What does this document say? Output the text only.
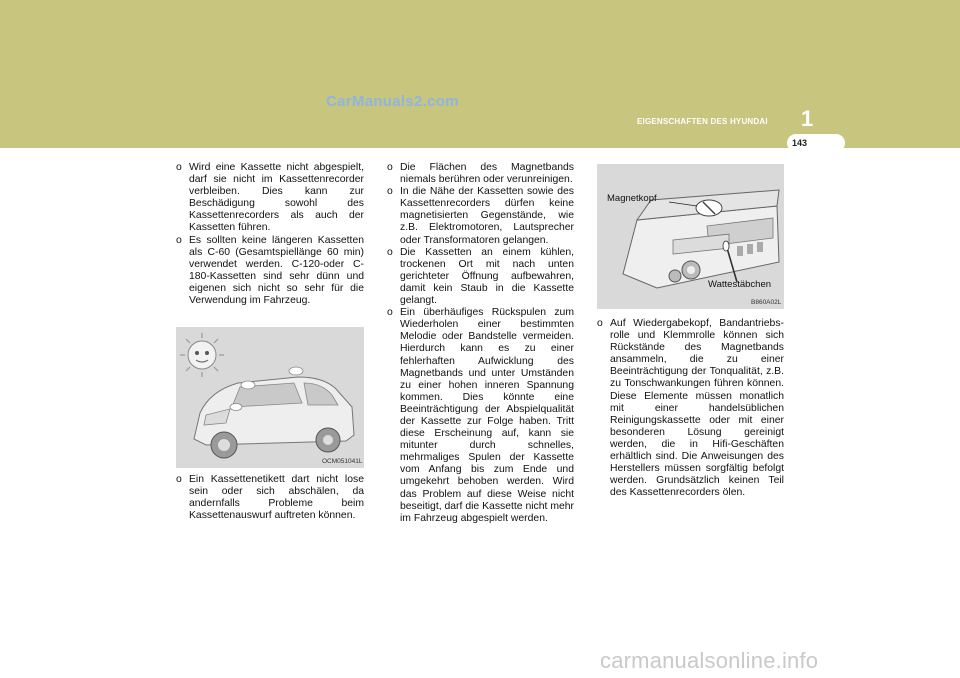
CarManuals2.com
EIGENSCHAFTEN DES HYUNDAI 1
143

o Wird eine Kassette nicht abgespielt, darf sie nicht im Kassettenrecorder verbleiben. Dies kann zur Beschädigung sowohl des Kassettenrecorders als auch der Kassetten führen.

o Es sollten keine längeren Kassetten als C-60 (Gesamtspiellänge 60 min) verwendet werden. C-120-oder C-180-Kassetten sind sehr dünn und eigenen sich nicht so sehr für die Verwendung im Fahrzeug.

OCM051041L

o Ein Kassettenetikett dart nicht lose sein oder sich abschälen, da andernfalls Probleme beim Kassettenauswurf auftreten können.

o Die Flächen des Magnetbands niemals berühren oder verunreinigen.

o In die Nähe der Kassetten sowie des Kassettenrecorders dürfen keine magnetisierten Gegenstände, wie z.B. Elektromotoren, Lautsprecher oder Transformatoren gelangen.

o Die Kassetten an einem kühlen, trockenen Ort mit nach unten gerichteter Öffnung aufbewahren, damit kein Staub in die Kassette gelangt.

o Ein überhäufiges Rückspulen zum Wiederholen einer bestimmten Melodie oder Bandstelle vermeiden. Hierdurch kann es zu einer fehlerhaften Aufwicklung des Magnetbands und unter Umständen zu einer hohen inneren Spannung kommen. Dies könnte eine Beeinträchtigung der Abspielqualität der Kassette zur Folge haben. Tritt diese Erscheinung auf, kann sie mitunter durch schnelles, mehrmaliges Spulen der Kassette vom Anfang bis zum Ende und umgekehrt behoben werden. Wird das Problem auf diese Weise nicht beseitigt, darf die Kassette nicht mehr im Fahrzeug abgespielt werden.

Magnetkopf
Wattestäbchen
B860A02L

o Auf Wiedergabekopf, Bandantriebs-rolle und Klemmrolle können sich Rückstände des Magnetbands ansammeln, die zu einer Beeinträchtigung der Tonqualität, z.B. zu Tonschwankungen führen können. Diese Elemente müssen monatlich mit einer handelsüblichen Reinigungskassette oder mit einer besonderen Lösung gereinigt werden, die in Hifi-Geschäften erhältlich sind. Die Anweisungen des Herstellers müssen sorgfältig befolgt werden. Grundsätzlich keinen Teil des Kassettenrecorders ölen.

carmanualsonline.info
